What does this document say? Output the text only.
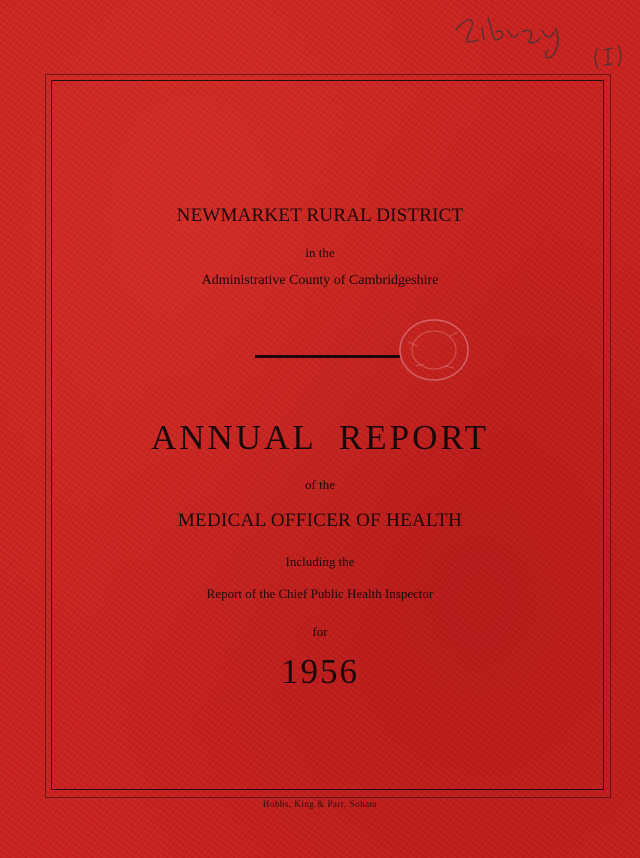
NEWMARKET RURAL DISTRICT
in the
Administrative County of Cambridgeshire
ANNUAL  REPORT
of the
MEDICAL OFFICER OF HEALTH
Including the
Report of the Chief Public Health Inspector
for
1956
Hobbs, King & Parr, Soham
